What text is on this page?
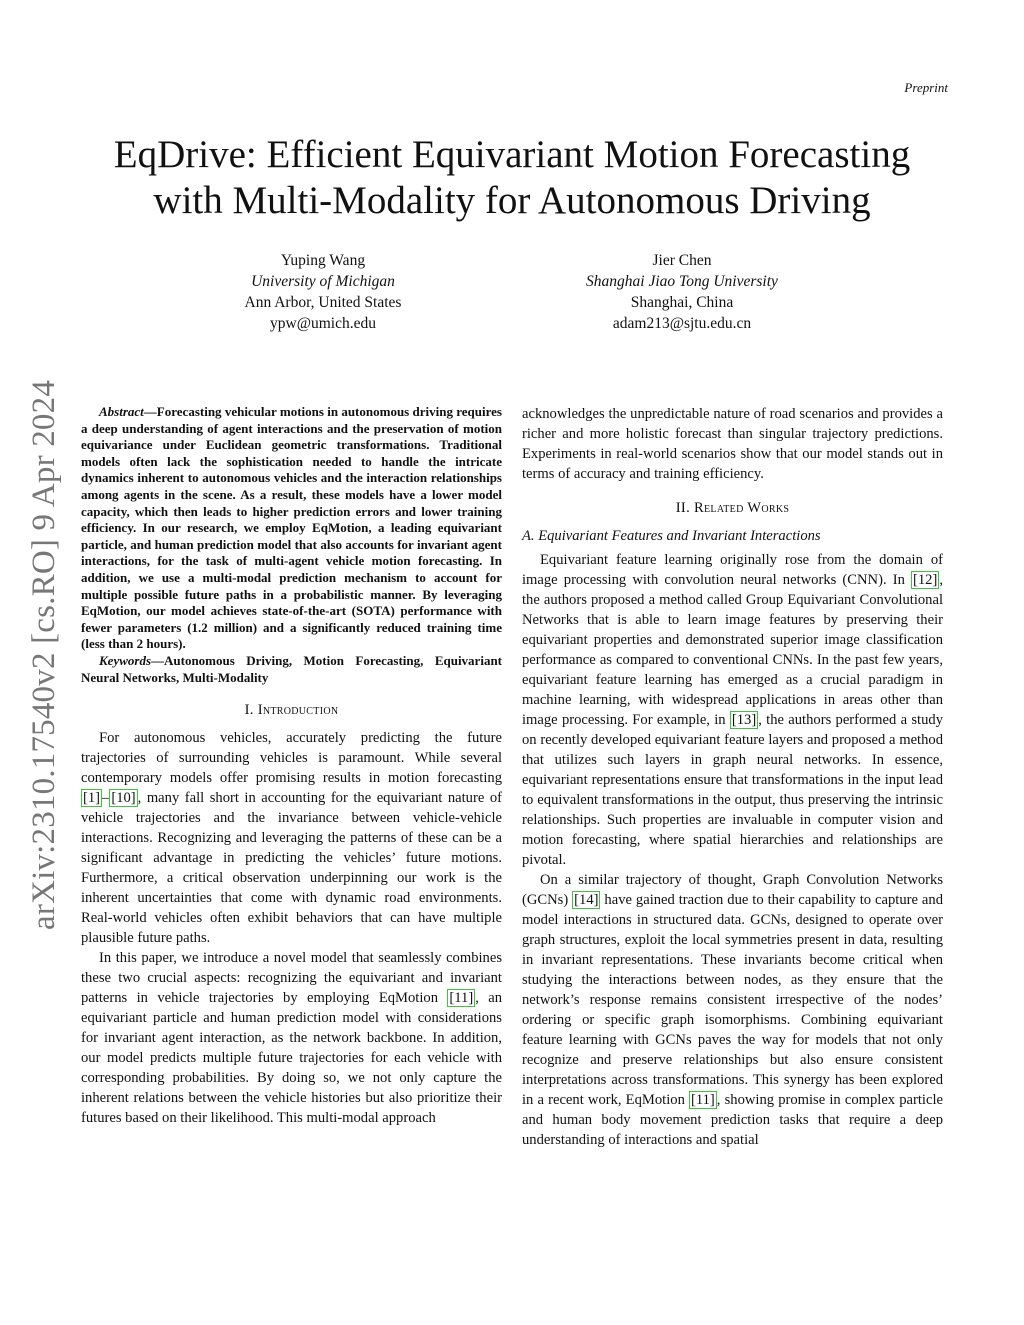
Preprint
EqDrive: Efficient Equivariant Motion Forecasting
with Multi-Modality for Autonomous Driving
Yuping Wang
University of Michigan
Ann Arbor, United States
ypw@umich.edu
Jier Chen
Shanghai Jiao Tong University
Shanghai, China
adam213@sjtu.edu.cn
arXiv:2310.17540v2 [cs.RO] 9 Apr 2024	Abstract—Forecasting vehicular motions in autonomous driving requires a deep understanding of agent interactions and the preservation of motion equivariance under Euclidean geometric transformations. Traditional models often lack the sophistication needed to handle the intricate dynamics inherent to autonomous vehicles and the interaction relationships among agents in the scene. As a result, these models have a lower model capacity, which then leads to higher prediction errors and lower training efficiency. In our research, we employ EqMotion, a leading equivariant particle, and human prediction model that also accounts for invariant agent interactions, for the task of multi-agent vehicle motion forecasting. In addition, we use a multi-modal prediction mechanism to account for multiple possible future paths in a probabilistic manner. By leveraging EqMotion, our model achieves state-of-the-art (SOTA) performance with fewer parameters (1.2 million) and a significantly reduced training time (less than 2 hours).

Keywords—Autonomous Driving, Motion Forecasting, Equivariant Neural Networks, Multi-Modality

I. Introduction

For autonomous vehicles, accurately predicting the future trajectories of surrounding vehicles is paramount. While several contemporary models offer promising results in motion forecasting [1] – [10] , many fall short in accounting for the equivariant nature of vehicle trajectories and the invariance between vehicle-vehicle interactions. Recognizing and leveraging the patterns of these can be a significant advantage in predicting the vehicles’ future motions. Furthermore, a critical observation underpinning our work is the inherent uncertainties that come with dynamic road environments. Real-world vehicles often exhibit behaviors that can have multiple plausible future paths.

In this paper, we introduce a novel model that seamlessly combines these two crucial aspects: recognizing the equivariant and invariant patterns in vehicle trajectories by employing EqMotion [11] , an equivariant particle and human prediction model with considerations for invariant agent interaction, as the network backbone. In addition, our model predicts multiple future trajectories for each vehicle with corresponding probabilities. By doing so, we not only capture the inherent relations between the vehicle histories but also prioritize their futures based on their likelihood. This multi-modal approach

acknowledges the unpredictable nature of road scenarios and provides a richer and more holistic forecast than singular trajectory predictions. Experiments in real-world scenarios show that our model stands out in terms of accuracy and training efficiency.

II. Related Works
A. Equivariant Features and Invariant Interactions

Equivariant feature learning originally rose from the domain of image processing with convolution neural networks (CNN). In [12] , the authors proposed a method called Group Equivariant Convolutional Networks that is able to learn image features by preserving their equivariant properties and demonstrated superior image classification performance as compared to conventional CNNs. In the past few years, equivariant feature learning has emerged as a crucial paradigm in machine learning, with widespread applications in areas other than image processing. For example, in [13] , the authors performed a study on recently developed equivariant feature layers and proposed a method that utilizes such layers in graph neural networks. In essence, equivariant representations ensure that transformations in the input lead to equivalent transformations in the output, thus preserving the intrinsic relationships. Such properties are invaluable in computer vision and motion forecasting, where spatial hierarchies and relationships are pivotal.

On a similar trajectory of thought, Graph Convolution Networks (GCNs) [14] have gained traction due to their capability to capture and model interactions in structured data. GCNs, designed to operate over graph structures, exploit the local symmetries present in data, resulting in invariant representations. These invariants become critical when studying the interactions between nodes, as they ensure that the network’s response remains consistent irrespective of the nodes’ ordering or specific graph isomorphisms. Combining equivariant feature learning with GCNs paves the way for models that not only recognize and preserve relationships but also ensure consistent interpretations across transformations. This synergy has been explored in a recent work, EqMotion [11] , showing promise in complex particle and human body movement prediction tasks that require a deep understanding of interactions and spatial
